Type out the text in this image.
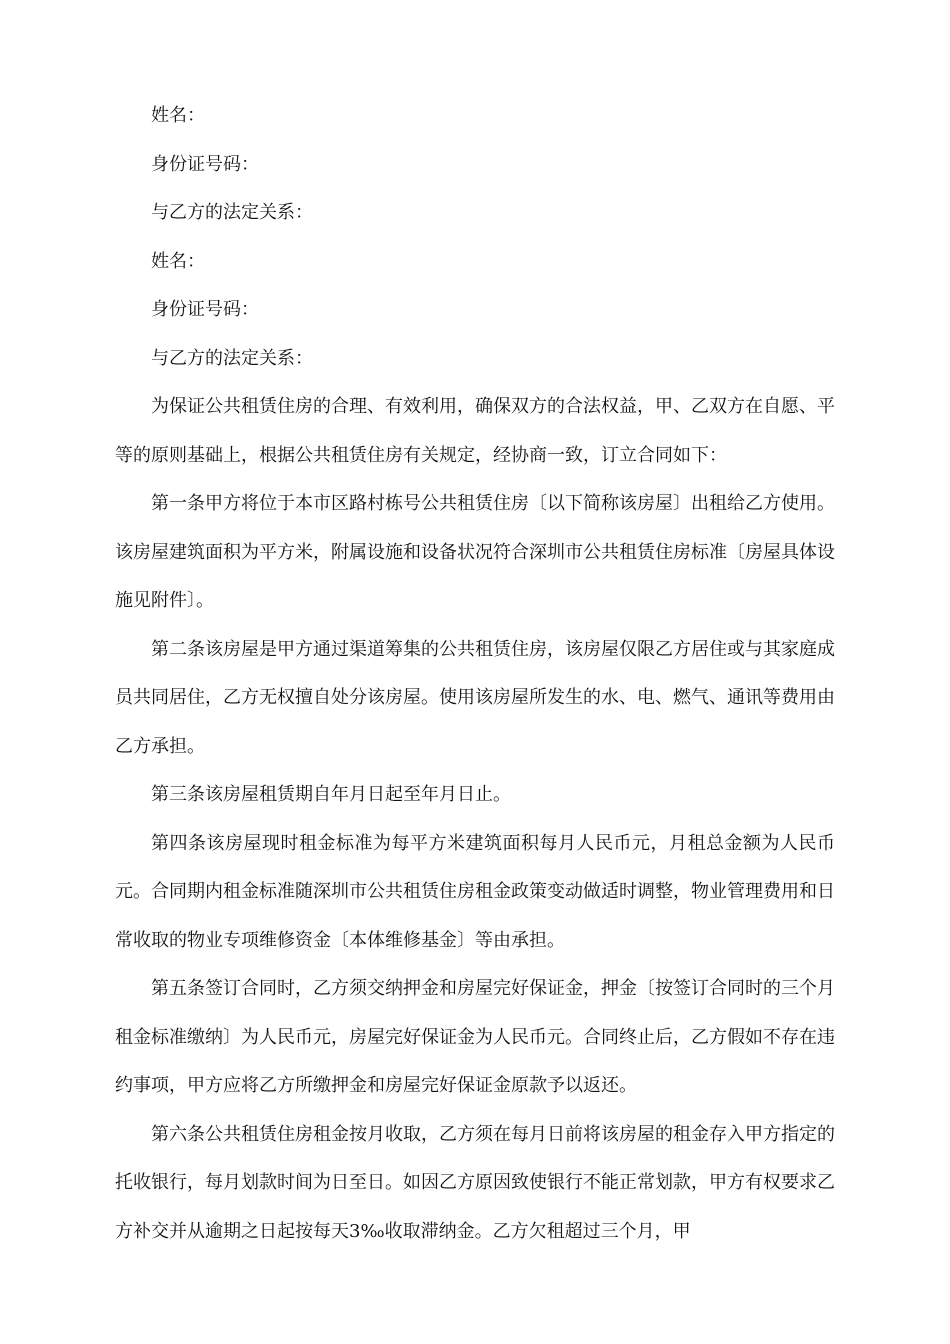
姓名：

身份证号码：

与乙方的法定关系：

姓名：

身份证号码：

与乙方的法定关系：

为保证公共租赁住房的合理、有效利用，确保双方的合法权益，甲、乙双方在自愿、平等的原则基础上，根据公共租赁住房有关规定，经协商一致，订立合同如下：

第一条甲方将位于本市区路村栋号公共租赁住房〔以下简称该房屋〕出租给乙方使用。该房屋建筑面积为平方米，附属设施和设备状况符合深圳市公共租赁住房标准〔房屋具体设施见附件〕。

第二条该房屋是甲方通过渠道筹集的公共租赁住房，该房屋仅限乙方居住或与其家庭成员共同居住，乙方无权擅自处分该房屋。使用该房屋所发生的水、电、燃气、通讯等费用由乙方承担。

第三条该房屋租赁期自年月日起至年月日止。

第四条该房屋现时租金标准为每平方米建筑面积每月人民币元，月租总金额为人民币元。合同期内租金标准随深圳市公共租赁住房租金政策变动做适时调整，物业管理费用和日常收取的物业专项维修资金〔本体维修基金〕等由承担。

第五条签订合同时，乙方须交纳押金和房屋完好保证金，押金〔按签订合同时的三个月租金标准缴纳〕为人民币元，房屋完好保证金为人民币元。合同终止后，乙方假如不存在违约事项，甲方应将乙方所缴押金和房屋完好保证金原款予以返还。

第六条公共租赁住房租金按月收取，乙方须在每月日前将该房屋的租金存入甲方指定的托收银行，每月划款时间为日至日。如因乙方原因致使银行不能正常划款，甲方有权要求乙方补交并从逾期之日起按每天3‰收取滞纳金。乙方欠租超过三个月，甲
